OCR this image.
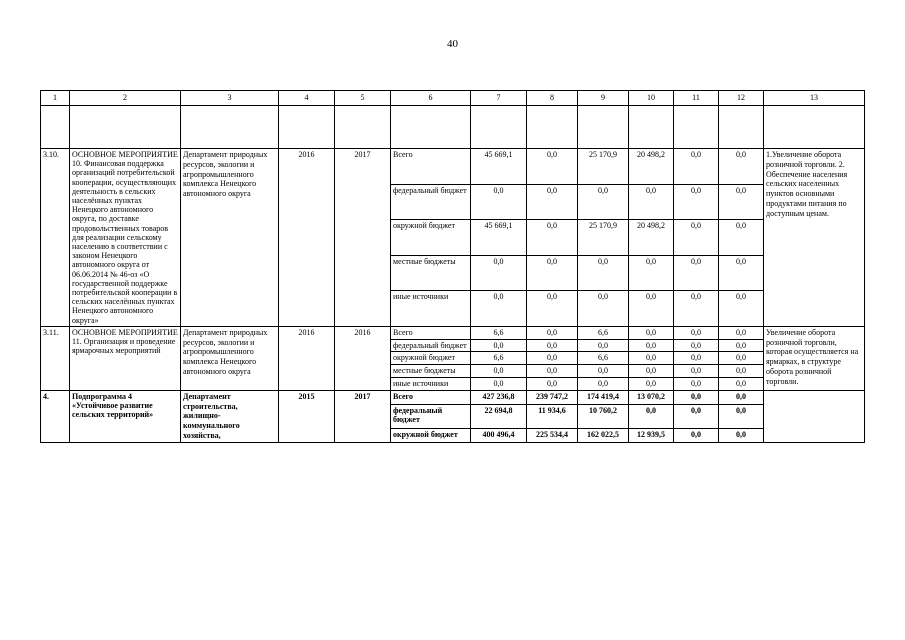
40
1	2	3	4	5	6	7	8	9	10	11	12	13

3.10.	ОСНОВНОЕ МЕРОПРИЯТИЕ 10. Финансовая поддержка организаций потребительской кооперации, осуществляющих деятельность в сельских населённых пунктах Ненецкого автономного округа, по доставке продовольственных товаров для реализации сельскому населению в соответствии с законом Ненецкого автономного округа от 06.06.2014 № 46-оз «О государственной поддержке потребительской кооперации в сельских населённых пунктах Ненецкого автономного округа»	Департамент природных ресурсов, экологии и агропромышленного комплекса Ненецкого автономного округа	2016	2017	Всего	45 669,1	0,0	25 170,9	20 498,2	0,0	0,0	1.Увеличение оборота розничной торговли. 2. Обеспечение населения сельских населенных пунктов основными продуктами питания по доступным ценам.
					федеральный бюджет	0,0	0,0	0,0	0,0	0,0	0,0	
					окружной бюджет	45 669,1	0,0	25 170,9	20 498,2	0,0	0,0	
					местные бюджеты	0,0	0,0	0,0	0,0	0,0	0,0	
					иные источники	0,0	0,0	0,0	0,0	0,0	0,0	
3.11.	ОСНОВНОЕ МЕРОПРИЯТИЕ 11. Организация и проведение ярмарочных мероприятий	Департамент природных ресурсов, экологии и агропромышленного комплекса Ненецкого автономного округа	2016	2016	Всего	6,6	0,0	6,6	0,0	0,0	0,0	Увеличение оборота розничной торговли, которая осуществляется на ярмарках, в структуре оборота розничной торговли.
					федеральный бюджет	0,0	0,0	0,0	0,0	0,0	0,0	
					окружной бюджет	6,6	0,0	6,6	0,0	0,0	0,0	
					местные бюджеты	0,0	0,0	0,0	0,0	0,0	0,0	
					иные источники	0,0	0,0	0,0	0,0	0,0	0,0	
4.	Подпрограмма 4 «Устойчивое развитие сельских территорий»	Департамент строительства, жилищно-коммунального хозяйства,	2015	2017	Всего	427 236,8	239 747,2	174 419,4	13 070,2	0,0	0,0	
					федеральный бюджет	22 694,8	11 934,6	10 760,2	0,0	0,0	0,0	
					окружной бюджет	400 496,4	225 534,4	162 022,5	12 939,5	0,0	0,0	
